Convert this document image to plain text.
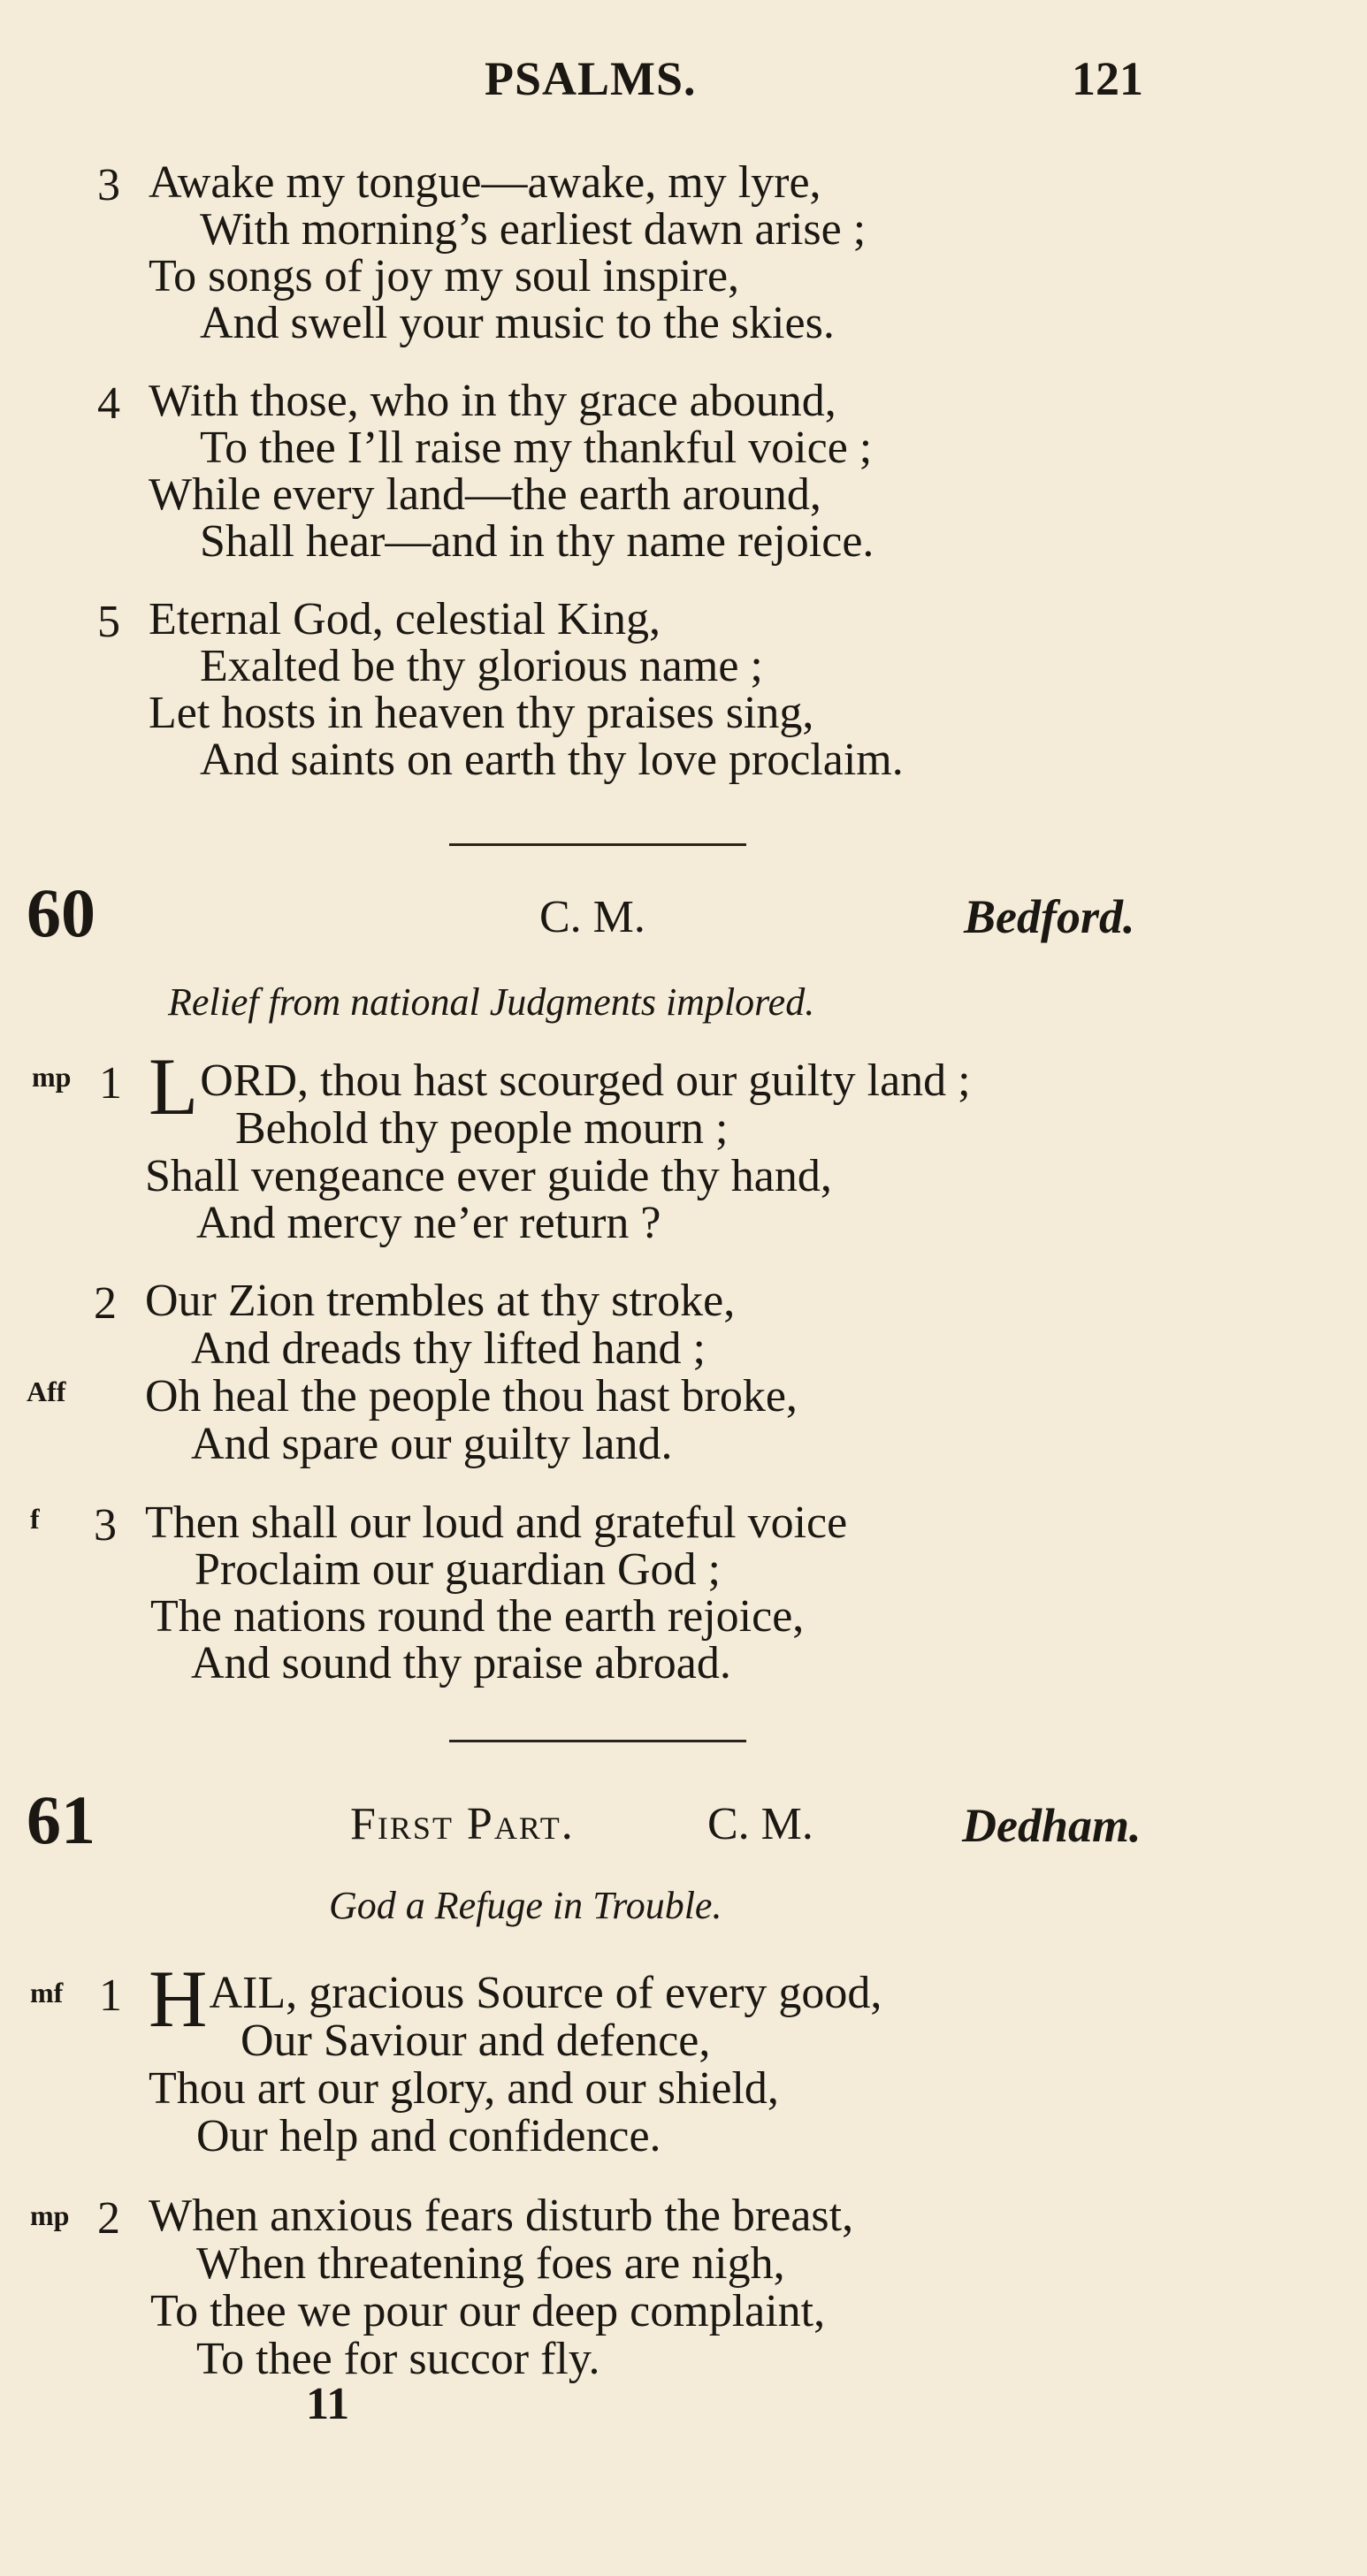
PSALMS.	121
3 Awake my tongue—awake, my lyre,
With morning’s earliest dawn arise ;
To songs of joy my soul inspire,
And swell your music to the skies.
4 With those, who in thy grace abound,
To thee I’ll raise my thankful voice ;
While every land—the earth around,
Shall hear—and in thy name rejoice.
5 Eternal God, celestial King,
Exalted be thy glorious name ;
Let hosts in heaven thy praises sing,
And saints on earth thy love proclaim.
60	C. M.	Bedford.
Relief from national Judgments implored.
mp 1 LORD, thou hast scourged our guilty land ;
Behold thy people mourn ;
Shall vengeance ever guide thy hand,
And mercy ne’er return ?
2 Our Zion trembles at thy stroke,
And dreads thy lifted hand ;
Aff Oh heal the people thou hast broke,
And spare our guilty land.
f 3 Then shall our loud and grateful voice
Proclaim our guardian God ;
The nations round the earth rejoice,
And sound thy praise abroad.
61	First Part.	C. M.	Dedham.
God a Refuge in Trouble.
mf 1 HAIL, gracious Source of every good,
Our Saviour and defence,
Thou art our glory, and our shield,
Our help and confidence.
mp 2 When anxious fears disturb the breast,
When threatening foes are nigh,
To thee we pour our deep complaint,
To thee for succor fly.
11
